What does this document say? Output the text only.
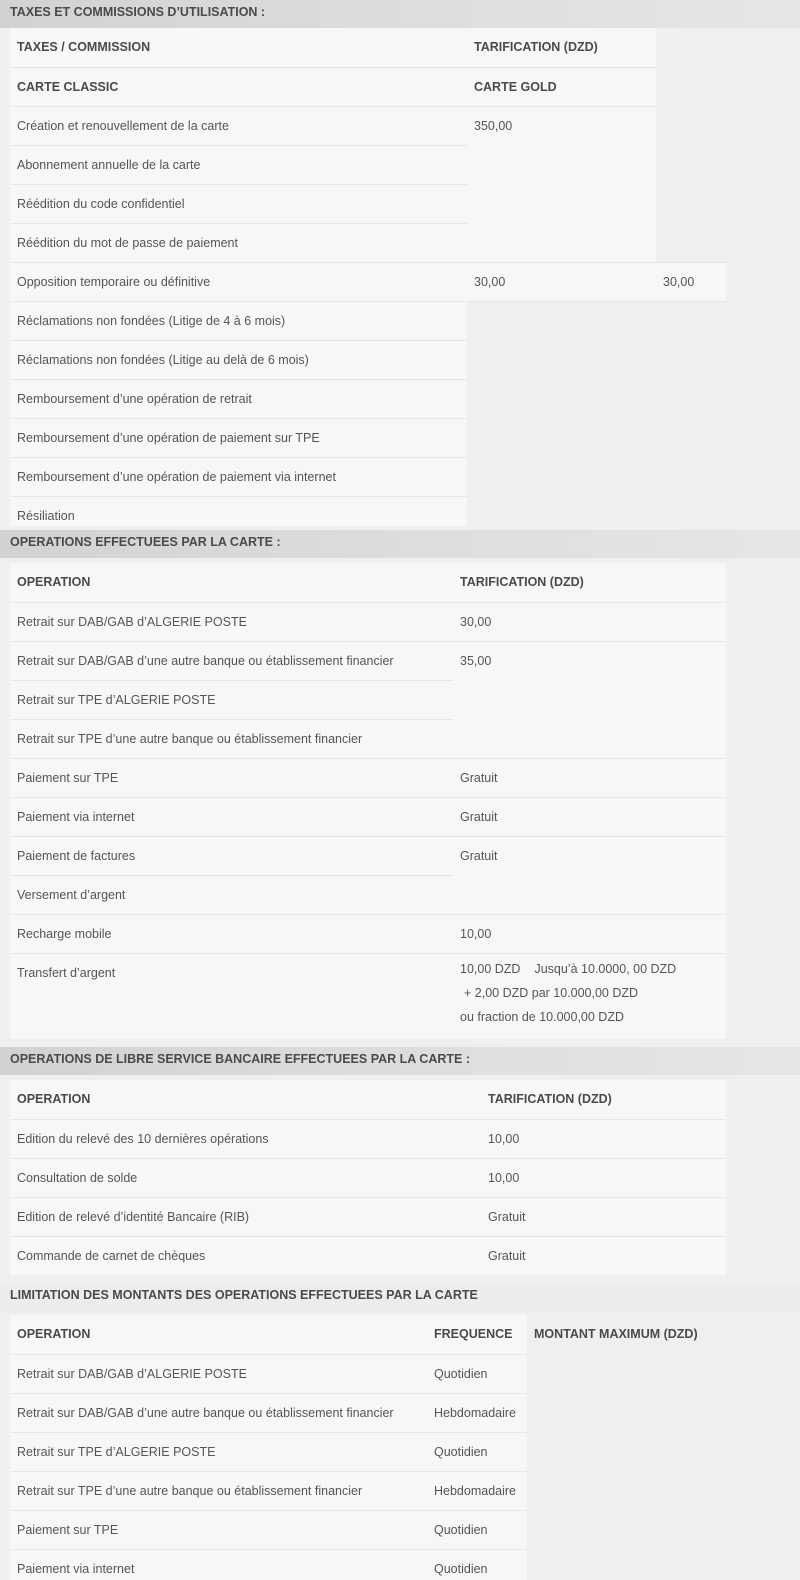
TAXES ET COMMISSIONS D’UTILISATION :
TAXES / COMMISSION	TARIFICATION (DZD)	

CARTE CLASSIC	CARTE GOLD	

Création et renouvellement de la carte	350,00	

Abonnement annuelle de la carte		

Réédition du code confidentiel		

Réédition du mot de passe de paiement		

Opposition temporaire ou définitive	30,00	30,00

Réclamations non fondées (Litige de 4 à 6 mois)		

Réclamations non fondées (Litige au delà de 6 mois)		

Remboursement d’une opération de retrait		

Remboursement d’une opération de paiement sur TPE		

Remboursement d’une opération de paiement via internet		

Résiliation		
OPERATIONS EFFECTUEES PAR LA CARTE :
OPERATION	TARIFICATION (DZD)

Retrait sur DAB/GAB d’ALGERIE POSTE	30,00

Retrait sur DAB/GAB d’une autre banque ou établissement financier	35,00

Retrait sur TPE d’ALGERIE POSTE	

Retrait sur TPE d’une autre banque ou établissement financier	

Paiement sur TPE	Gratuit

Paiement via internet	Gratuit

Paiement de factures	Gratuit

Versement d’argent	

Recharge mobile	10,00

Transfert d’argent	10,00 DZD Jusqu’à 10.0000, 00 DZD
+ 2,00 DZD par 10.000,00 DZD
ou fraction de 10.000,00 DZD
OPERATIONS DE LIBRE SERVICE BANCAIRE EFFECTUEES PAR LA CARTE :
OPERATION	TARIFICATION (DZD)

Edition du relevé des 10 dernières opérations	10,00

Consultation de solde	10,00

Edition de relevé d’identité Bancaire (RIB)	Gratuit

Commande de carnet de chèques	Gratuit
LIMITATION DES MONTANTS DES OPERATIONS EFFECTUEES PAR LA CARTE
OPERATION	FREQUENCE	MONTANT MAXIMUM (DZD)

Retrait sur DAB/GAB d’ALGERIE POSTE	Quotidien	

Retrait sur DAB/GAB d’une autre banque ou établissement financier	Hebdomadaire	

Retrait sur TPE d’ALGERIE POSTE	Quotidien	

Retrait sur TPE d’une autre banque ou établissement financier	Hebdomadaire	

Paiement sur TPE	Quotidien	

Paiement via internet	Quotidien	
